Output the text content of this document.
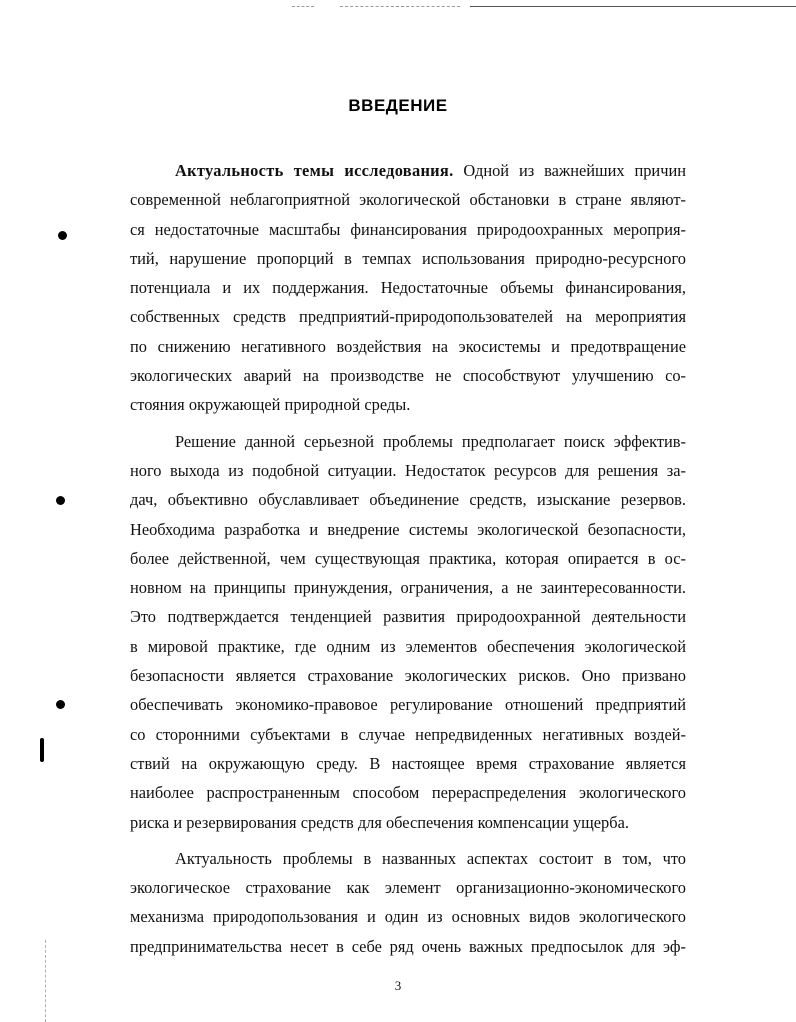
ВВЕДЕНИЕ

Актуальность темы исследования. Одной из важнейших причин
современной неблагоприятной экологической обстановки в стране являют-
ся недостаточные масштабы финансирования природоохранных мероприя-
тий, нарушение пропорций в темпах использования природно-ресурсного
потенциала и их поддержания. Недостаточные объемы финансирования,
собственных средств предприятий-природопользователей на мероприятия
по снижению негативного воздействия на экосистемы и предотвращение
экологических аварий на производстве не способствуют улучшению со-
стояния окружающей природной среды.

Решение данной серьезной проблемы предполагает поиск эффектив-
ного выхода из подобной ситуации. Недостаток ресурсов для решения за-
дач, объективно обуславливает объединение средств, изыскание резервов.
Необходима разработка и внедрение системы экологической безопасности,
более действенной, чем существующая практика, которая опирается в ос-
новном на принципы принуждения, ограничения, а не заинтересованности.
Это подтверждается тенденцией развития природоохранной деятельности
в мировой практике, где одним из элементов обеспечения экологической
безопасности является страхование экологических рисков. Оно призвано
обеспечивать экономико-правовое регулирование отношений предприятий
со сторонними субъектами в случае непредвиденных негативных воздей-
ствий на окружающую среду. В настоящее время страхование является
наиболее распространенным способом перераспределения экологического
риска и резервирования средств для обеспечения компенсации ущерба.

Актуальность проблемы в названных аспектах состоит в том, что
экологическое страхование как элемент организационно-экономического
механизма природопользования и один из основных видов экологического
предпринимательства несет в себе ряд очень важных предпосылок для эф-

3
